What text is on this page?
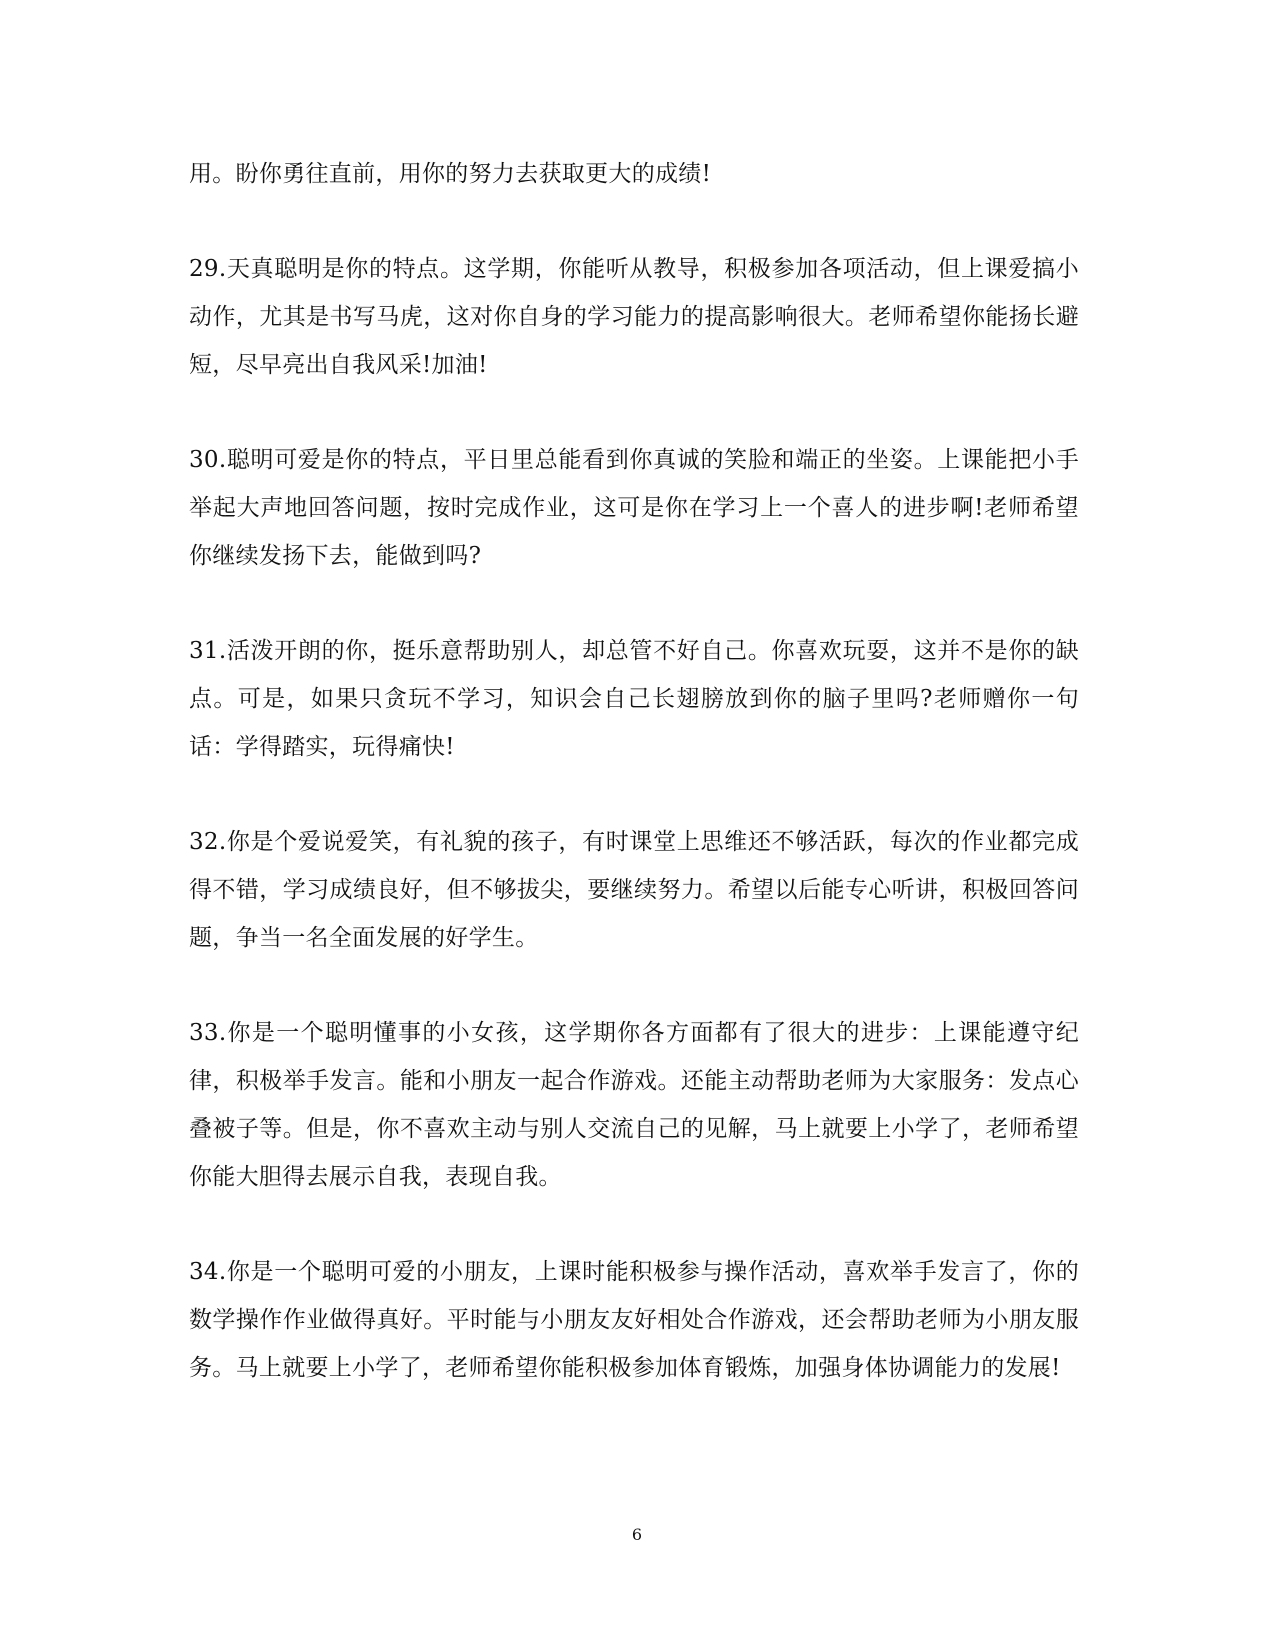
用。盼你勇往直前，用你的努力去获取更大的成绩!

29.天真聪明是你的特点。这学期，你能听从教导，积极参加各项活动，但上课爱搞小动作，尤其是书写马虎，这对你自身的学习能力的提高影响很大。老师希望你能扬长避短，尽早亮出自我风采!加油!

30.聪明可爱是你的特点，平日里总能看到你真诚的笑脸和端正的坐姿。上课能把小手举起大声地回答问题，按时完成作业，这可是你在学习上一个喜人的进步啊!老师希望你继续发扬下去，能做到吗?

31.活泼开朗的你，挺乐意帮助别人，却总管不好自己。你喜欢玩耍，这并不是你的缺点。可是，如果只贪玩不学习，知识会自己长翅膀放到你的脑子里吗?老师赠你一句话：学得踏实，玩得痛快!

32.你是个爱说爱笑，有礼貌的孩子，有时课堂上思维还不够活跃，每次的作业都完成得不错，学习成绩良好，但不够拔尖，要继续努力。希望以后能专心听讲，积极回答问题，争当一名全面发展的好学生。

33.你是一个聪明懂事的小女孩，这学期你各方面都有了很大的进步：上课能遵守纪律，积极举手发言。能和小朋友一起合作游戏。还能主动帮助老师为大家服务：发点心叠被子等。但是，你不喜欢主动与别人交流自己的见解，马上就要上小学了，老师希望你能大胆得去展示自我，表现自我。

34.你是一个聪明可爱的小朋友，上课时能积极参与操作活动，喜欢举手发言了，你的数学操作作业做得真好。平时能与小朋友友好相处合作游戏，还会帮助老师为小朋友服务。马上就要上小学了，老师希望你能积极参加体育锻炼，加强身体协调能力的发展!

6
